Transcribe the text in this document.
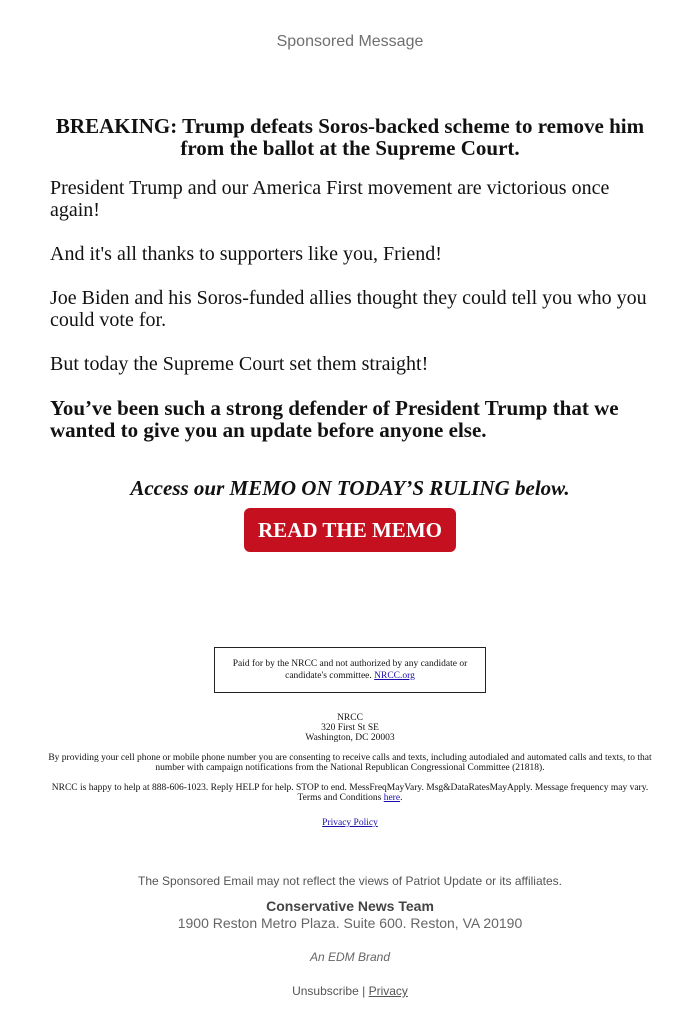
Sponsored Message
BREAKING: Trump defeats Soros-backed scheme to remove him from the ballot at the Supreme Court.

President Trump and our America First movement are victorious once again!

And it's all thanks to supporters like you, Friend!

Joe Biden and his Soros-funded allies thought they could tell you who you could vote for.

But today the Supreme Court set them straight!

You’ve been such a strong defender of President Trump that we wanted to give you an update before anyone else.

Access our MEMO ON TODAY’S RULING below.
READ THE MEMO
Paid for by the NRCC and not authorized by any candidate or candidate's committee. NRCC.org
NRCC
320 First St SE
Washington, DC 20003

By providing your cell phone or mobile phone number you are consenting to receive calls and texts, including autodialed and automated calls and texts, to that number with campaign notifications from the National Republican Congressional Committee (21818).

NRCC is happy to help at 888-606-1023. Reply HELP for help. STOP to end. MessFreqMayVary. Msg&DataRatesMayApply. Message frequency may vary. Terms and Conditions here.

Privacy Policy
The Sponsored Email may not reflect the views of Patriot Update or its affiliates.
Conservative News Team
1900 Reston Metro Plaza. Suite 600. Reston, VA 20190
An EDM Brand
Unsubscribe | Privacy
